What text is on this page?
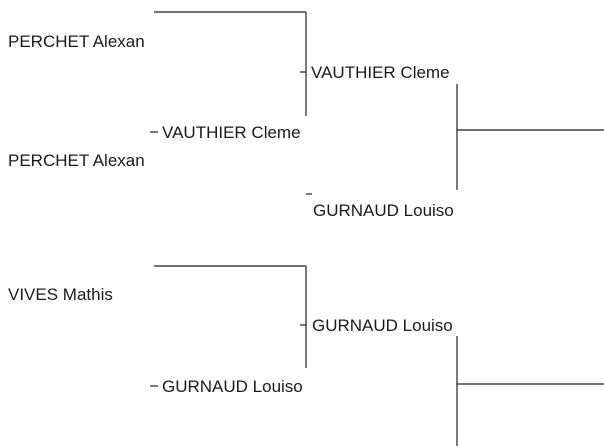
PERCHET Alexan
VAUTHIER Cleme
VAUTHIER Cleme
PERCHET Alexan
GURNAUD Louiso
VIVES Mathis
GURNAUD Louiso
GURNAUD Louiso
